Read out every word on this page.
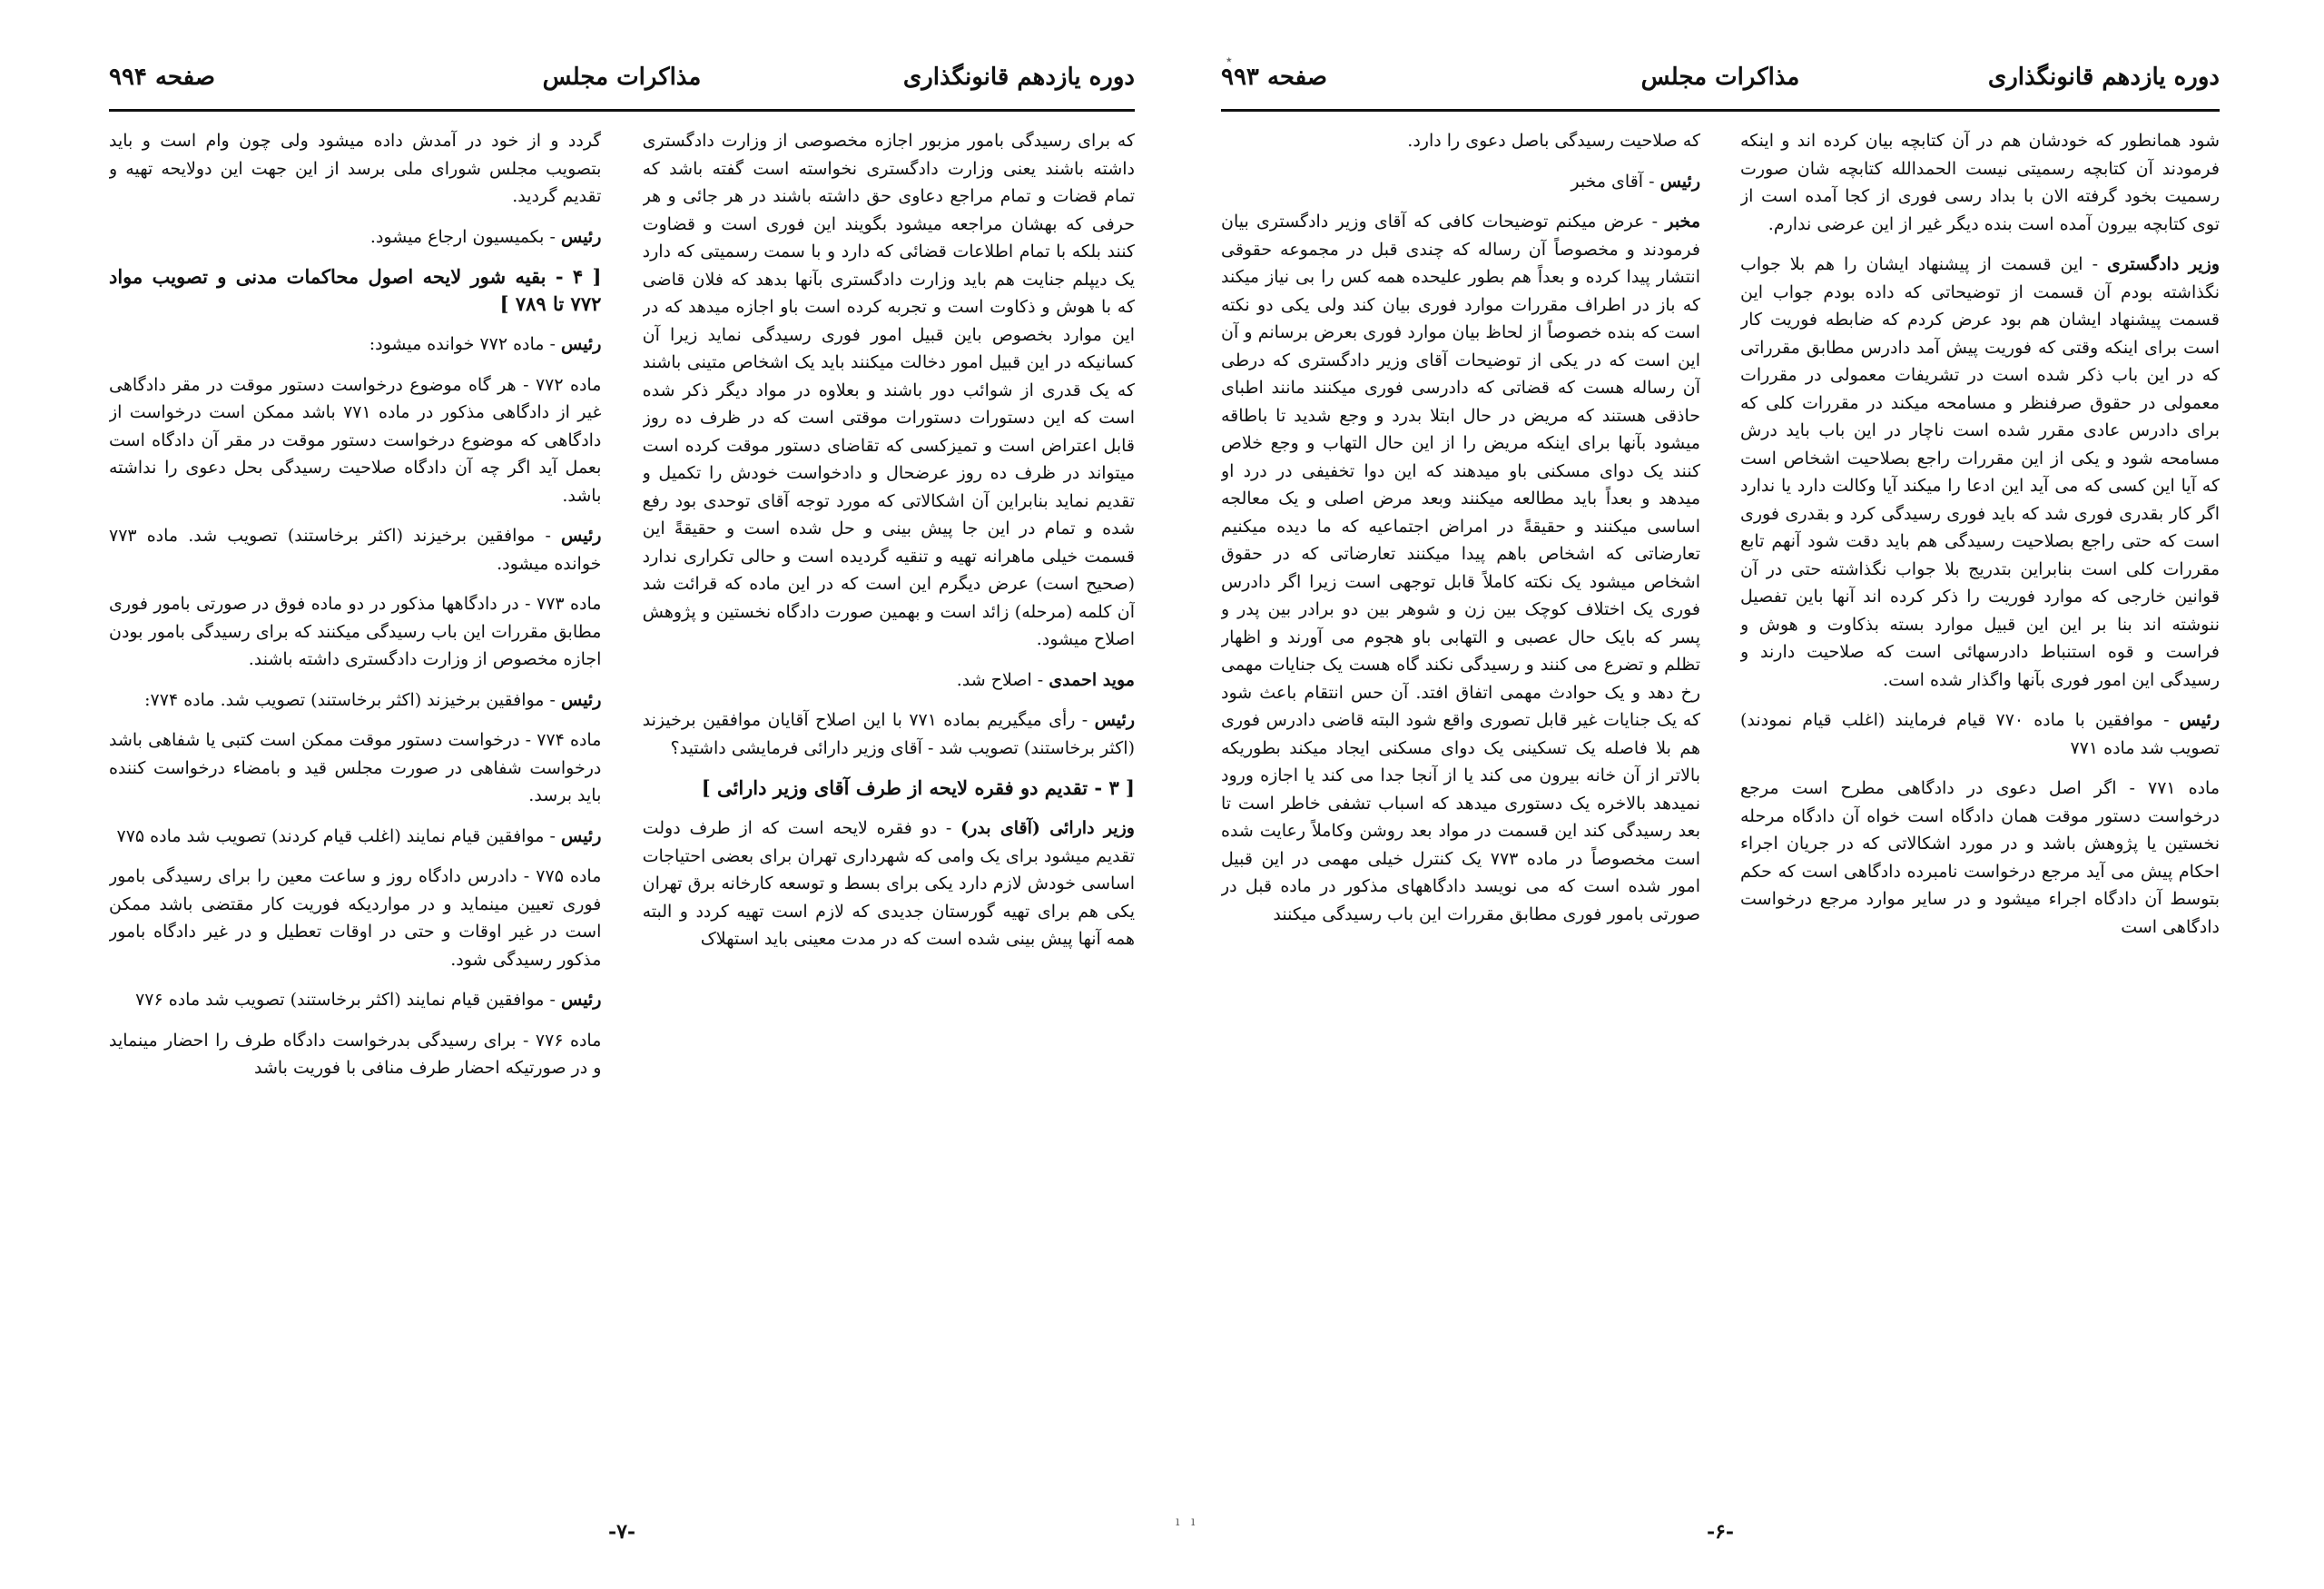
دوره یازدهم قانونگذاری
مذاکرات مجلس
صفحه ۹۹۴

که برای رسیدگی بامور مزبور اجازه مخصوصی از وزارت دادگستری داشته باشند یعنی وزارت دادگستری نخواسته است گفته باشد که تمام قضات و تمام مراجع دعاوی حق داشته باشند در هر جائی و هر حرفی که بهشان مراجعه میشود بگویند این فوری است و قضاوت کنند بلکه با تمام اطلاعات قضائی که دارد و با سمت رسمیتی که دارد یک دیپلم جنایت هم باید وزارت دادگستری بآنها بدهد که فلان قاضی که با هوش و ذکاوت است و تجربه کرده است باو اجازه میدهد که در این موارد بخصوص باین قبیل امور فوری رسیدگی نماید زیرا آن کسانیکه در این قبیل امور دخالت میکنند باید یک اشخاص متینی باشند که یک قدری از شوائب دور باشند و بعلاوه در مواد دیگر ذکر شده است که این دستورات دستورات موقتی است که در ظرف ده روز قابل اعتراض است و تمیزکسی که تقاضای دستور موقت کرده است میتواند در ظرف ده روز عرضحال و دادخواست خودش را تکمیل و تقدیم نماید بنابراین آن اشکالاتی که مورد توجه آقای توحدی بود رفع شده و تمام در این جا پیش بینی و حل شده است و حقیقةً این قسمت خیلی ماهرانه تهیه و تنقیه گردیده است و حالی تکراری ندارد (صحیح است) عرض دیگرم این است که در این ماده که قرائت شد آن کلمه (مرحله) زائد است و بهمین صورت دادگاه نخستین و پژوهش اصلاح میشود.

موید احمدی - اصلاح شد.

رئیس - رأی میگیریم بماده ۷۷۱ با این اصلاح آقایان موافقین برخیزند (اکثر برخاستند) تصویب شد - آقای وزیر دارائی فرمایشی داشتید؟

[ ۳ - تقدیم دو فقره لایحه از طرف آقای وزیر دارائی ]

وزیر دارائی (آقای بدر) - دو فقره لایحه است که از طرف دولت تقدیم میشود برای یک وامی که شهرداری تهران برای بعضی احتیاجات اساسی خودش لازم دارد یکی برای بسط و توسعه کارخانه برق تهران یکی هم برای تهیه گورستان جدیدی که لازم است تهیه کردد و البته همه آنها پیش بینی شده است که در مدت معینی باید استهلاک

گردد و از خود در آمدش داده میشود ولی چون وام است و باید بتصویب مجلس شورای ملی برسد از این جهت این دولایحه تهیه و تقدیم گردید.

رئیس - بکمیسیون ارجاع میشود.

[ ۴ - بقیه شور لایحه اصول محاکمات مدنی و تصویب مواد ۷۷۲ تا ۷۸۹ ]

رئیس - ماده ۷۷۲ خوانده میشود:

ماده ۷۷۲ - هر گاه موضوع درخواست دستور موقت در مقر دادگاهی غیر از دادگاهی مذکور در ماده ۷۷۱ باشد ممکن است درخواست از دادگاهی که موضوع درخواست دستور موقت در مقر آن دادگاه است بعمل آید اگر چه آن دادگاه صلاحیت رسیدگی بحل دعوی را نداشته باشد.

رئیس - موافقین برخیزند (اکثر برخاستند) تصویب شد. ماده ۷۷۳ خوانده میشود.

ماده ۷۷۳ - در دادگاهها مذکور در دو ماده فوق در صورتی بامور فوری مطابق مقررات این باب رسیدگی میکنند که برای رسیدگی بامور بودن اجازه مخصوص از وزارت دادگستری داشته باشند.

رئیس - موافقین برخیزند (اکثر برخاستند) تصویب شد. ماده ۷۷۴:

ماده ۷۷۴ - درخواست دستور موقت ممکن است کتبی یا شفاهی باشد درخواست شفاهی در صورت مجلس قید و بامضاء درخواست کننده باید برسد.

رئیس - موافقین قیام نمایند (اغلب قیام کردند) تصویب شد ماده ۷۷۵

ماده ۷۷۵ - دادرس دادگاه روز و ساعت معین را برای رسیدگی بامور فوری تعیین مینماید و در مواردیکه فوریت کار مقتضی باشد ممکن است در غیر اوقات و حتی در اوقات تعطیل و در غیر دادگاه بامور مذکور رسیدگی شود.

رئیس - موافقین قیام نمایند (اکثر برخاستند) تصویب شد ماده ۷۷۶

ماده ۷۷۶ - برای رسیدگی بدرخواست دادگاه طرف را احضار مینماید و در صورتیکه احضار طرف منافی با فوریت باشد

-۷-
دوره یازدهم قانونگذاری
مذاکرات مجلس
صفحه ۹۹۳

شود همانطور که خودشان هم در آن کتابچه بیان کرده اند و اینکه فرمودند آن کتابچه رسمیتی نیست الحمدالله کتابچه شان صورت رسمیت بخود گرفته الان با بداد رسی فوری از کجا آمده است از توی کتابچه بیرون آمده است بنده دیگر غیر از این عرضی ندارم.

وزیر دادگستری - این قسمت از پیشنهاد ایشان را هم بلا جواب نگذاشته بودم آن قسمت از توضیحاتی که داده بودم جواب این قسمت پیشنهاد ایشان هم بود عرض کردم که ضابطه فوریت کار است برای اینکه وقتی که فوریت پیش آمد دادرس مطابق مقرراتی که در این باب ذکر شده است در تشریفات معمولی در مقررات معمولی در حقوق صرفنظر و مسامحه میکند در مقررات کلی که برای دادرس عادی مقرر شده است ناچار در این باب باید درش مسامحه شود و یکی از این مقررات راجع بصلاحیت اشخاص است که آیا این کسی که می آید این ادعا را میکند آیا وکالت دارد یا ندارد اگر کار بقدری فوری شد که باید فوری رسیدگی کرد و بقدری فوری است که حتی راجع بصلاحیت رسیدگی هم باید دقت شود آنهم تابع مقررات کلی است بنابراین بتدریج بلا جواب نگذاشته حتی در آن قوانین خارجی که موارد فوریت را ذکر کرده اند آنها باین تفصیل ننوشته اند بنا بر این این قبیل موارد بسته بذکاوت و هوش و فراست و قوه استنباط دادرسهائی است که صلاحیت دارند و رسیدگی این امور فوری بآنها واگذار شده است.

رئیس - موافقین با ماده ۷۷۰ قیام فرمایند (اغلب قیام نمودند) تصویب شد ماده ۷۷۱

ماده ۷۷۱ - اگر اصل دعوی در دادگاهی مطرح است مرجع درخواست دستور موقت همان دادگاه است خواه آن دادگاه مرحله نخستین یا پژوهش باشد و در مورد اشکالاتی که در جریان اجراء احکام پیش می آید مرجع درخواست نامبرده دادگاهی است که حکم بتوسط آن دادگاه اجراء میشود و در سایر موارد مرجع درخواست دادگاهی است

که صلاحیت رسیدگی باصل دعوی را دارد.

رئیس - آقای مخبر

مخبر - عرض میکنم توضیحات کافی که آقای وزیر دادگستری بیان فرمودند و مخصوصاً آن رساله که چندی قبل در مجموعه حقوقی انتشار پیدا کرده و بعداً هم بطور علیحده همه کس را بی نیاز میکند که باز در اطراف مقررات موارد فوری بیان کند ولی یکی دو نکته است که بنده خصوصاً از لحاظ بیان موارد فوری بعرض برسانم و آن این است که در یکی از توضیحات آقای وزیر دادگستری که درطی آن رساله هست که قضاتی که دادرسی فوری میکنند مانند اطبای حاذقی هستند که مریض در حال ابتلا بدرد و وجع شدید تا باطاقه میشود بآنها برای اینکه مریض را از این حال التهاب و وجع خلاص کنند یک دوای مسکنی باو میدهند که این دوا تخفیفی در درد او میدهد و بعداً باید مطالعه میکنند وبعد مرض اصلی و یک معالجه اساسی میکنند و حقیقةً در امراض اجتماعیه که ما دیده میکنیم تعارضاتی که اشخاص باهم پیدا میکنند تعارضاتی که در حقوق اشخاص میشود یک نکته کاملاً قابل توجهی است زیرا اگر دادرس فوری یک اختلاف کوچک بین زن و شوهر بین دو برادر بین پدر و پسر که بایک حال عصبی و التهابی باو هجوم می آورند و اظهار تظلم و تضرع می کنند و رسیدگی نکند گاه هست یک جنایات مهمی رخ دهد و یک حوادث مهمی اتفاق افتد. آن حس انتقام باعث شود که یک جنایات غیر قابل تصوری واقع شود البته قاضی دادرس فوری هم بلا فاصله یک تسکینی یک دوای مسکنی ایجاد میکند بطوریکه بالاتر از آن خانه بیرون می کند یا از آنجا جدا می کند یا اجازه ورود نمیدهد بالاخره یک دستوری میدهد که اسباب تشفی خاطر است تا بعد رسیدگی کند این قسمت در مواد بعد روشن وکاملاً رعایت شده است مخصوصاً در ماده ۷۷۳ یک کنترل خیلی مهمی در این قبیل امور شده است که می نویسد دادگاههای مذکور در ماده قبل در صورتی بامور فوری مطابق مقررات این باب رسیدگی میکنند

-۶-
٭
ı ı
